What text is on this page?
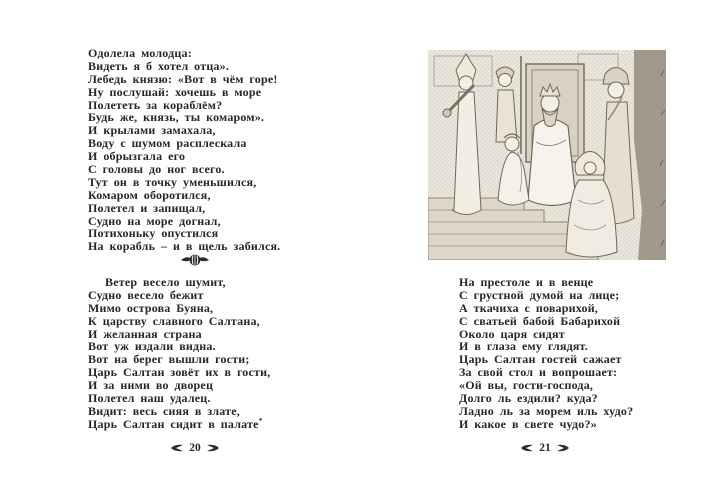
Одолела молодца:
Видеть я б хотел отца».
Лебедь князю: «Вот в чём горе!
Ну послушай: хочешь в море
Полететь за кораблём?
Будь же, князь, ты комаром».
И крылами замахала,
Воду с шумом расплескала
И обрызгала его
С головы до ног всего.
Тут он в точку уменьшился,
Комаром оборотился,
Полетел и запищал,
Судно на море догнал,
Потихоньку опустился
На корабль – и в щель забился.
Ветер весело шумит,
Судно весело бежит
Мимо острова Буяна,
К царству славного Салтана,
И желанная страна
Вот уж издали видна.
Вот на берег вышли гости;
Царь Салтан зовёт их в гости,
И за ними во дворец
Полетел наш удалец.
Видит: весь сияя в злате,
Царь Салтан сидит в палате*
20
На престоле и в венце
С грустной думой на лице;
А ткачиха с поварихой,
С сватьей бабой Бабарихой
Около царя сидят
И в глаза ему глядят.
Царь Салтан гостей сажает
За свой стол и вопрошает:
«Ой вы, гости-господа,
Долго ль ездили? куда?
Ладно ль за морем иль худо?
И какое в свете чудо?»
21
